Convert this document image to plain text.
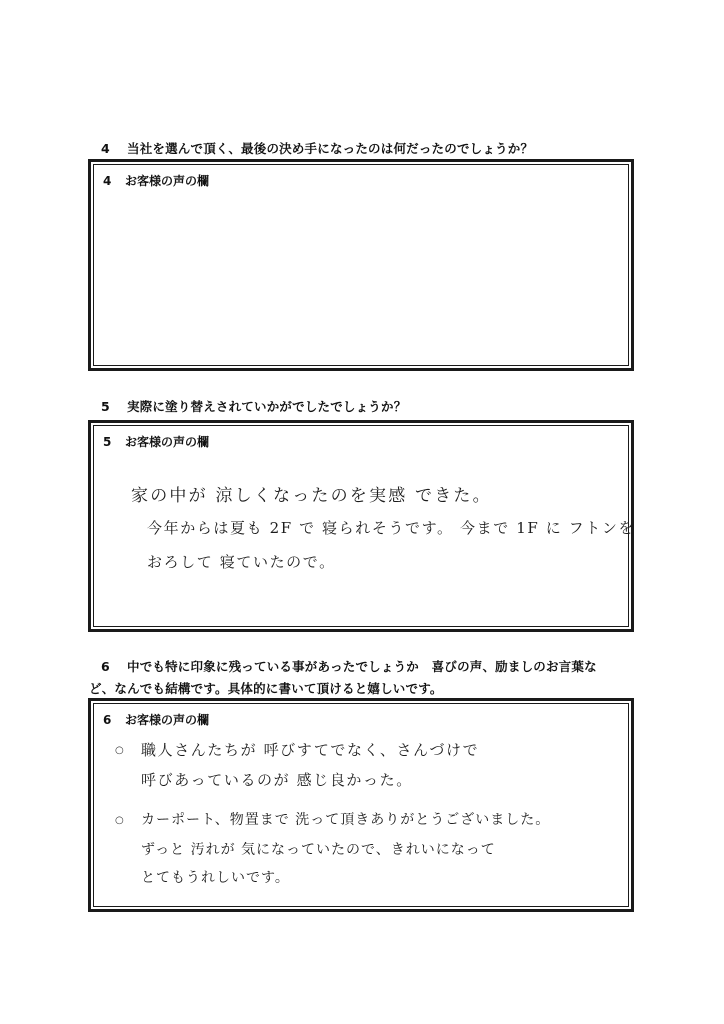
4 当社を選んで頂く、最後の決め手になったのは何だったのでしょうか？
4 お客様の声の欄
5 実際に塗り替えされていかがでしたでしょうか？
5 お客様の声の欄
家の中が 涼しくなったのを実感 できた。
今年からは夏も 2F で 寝られそうです。 今まで 1F に フトンを
おろして 寝ていたので。
6 中でも特に印象に残っている事があったでしょうか　喜びの声、励ましのお言葉な
ど、なんでも結構です。具体的に書いて頂けると嬉しいです。
6 お客様の声の欄
○ 職人さんたちが 呼びすてでなく、さんづけで
呼びあっているのが 感じ良かった。
○ カーポート、物置まで 洗って頂きありがとうございました。
ずっと 汚れが 気になっていたので、きれいになって
とてもうれしいです。
